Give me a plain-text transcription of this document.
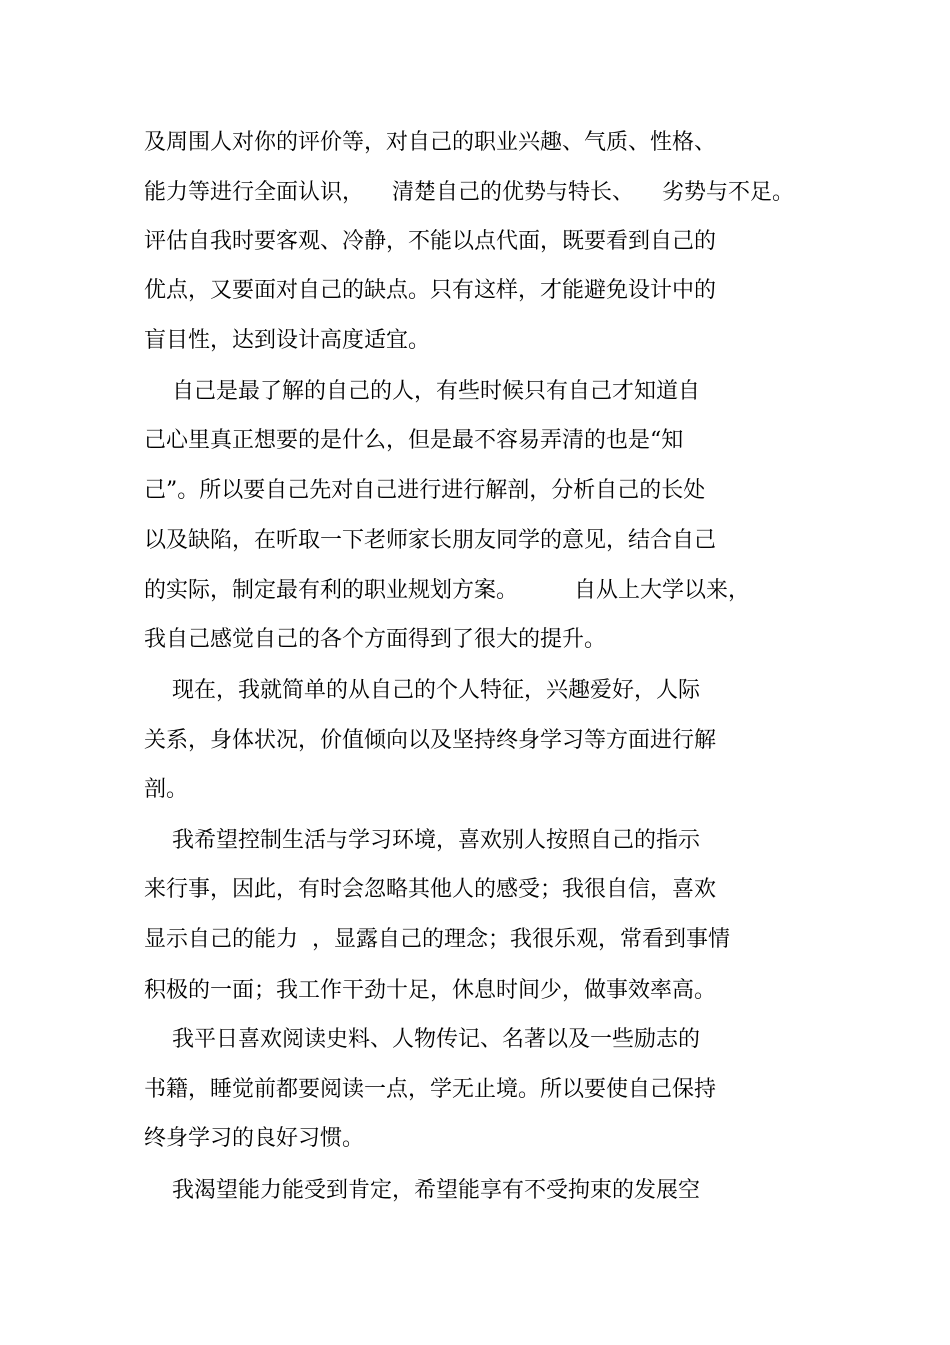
及周围人对你的评价等，对自己的职业兴趣、气质、性格、
能力等进行全面认识，    清楚自己的优势与特长、    劣势与不足。
评估自我时要客观、冷静，不能以点代面，既要看到自己的
优点，又要面对自己的缺点。只有这样，才能避免设计中的
盲目性，达到设计高度适宜。
自己是最了解的自己的人，有些时候只有自己才知道自
己心里真正想要的是什么，但是最不容易弄清的也是“知
己”。所以要自己先对自己进行进行解剖，分析自己的长处
以及缺陷，在听取一下老师家长朋友同学的意见，结合自己
的实际，制定最有利的职业规划方案。        自从上大学以来，
我自己感觉自己的各个方面得到了很大的提升。
现在，我就简单的从自己的个人特征，兴趣爱好，人际
关系，身体状况，价值倾向以及坚持终身学习等方面进行解
剖。
我希望控制生活与学习环境，喜欢别人按照自己的指示
来行事，因此，有时会忽略其他人的感受；我很自信，喜欢
显示自己的能力  ，显露自己的理念；我很乐观，常看到事情
积极的一面；我工作干劲十足，休息时间少，做事效率高。
我平日喜欢阅读史料、人物传记、名著以及一些励志的
书籍，睡觉前都要阅读一点，学无止境。所以要使自己保持
终身学习的良好习惯。
我渴望能力能受到肯定，希望能享有不受拘束的发展空
